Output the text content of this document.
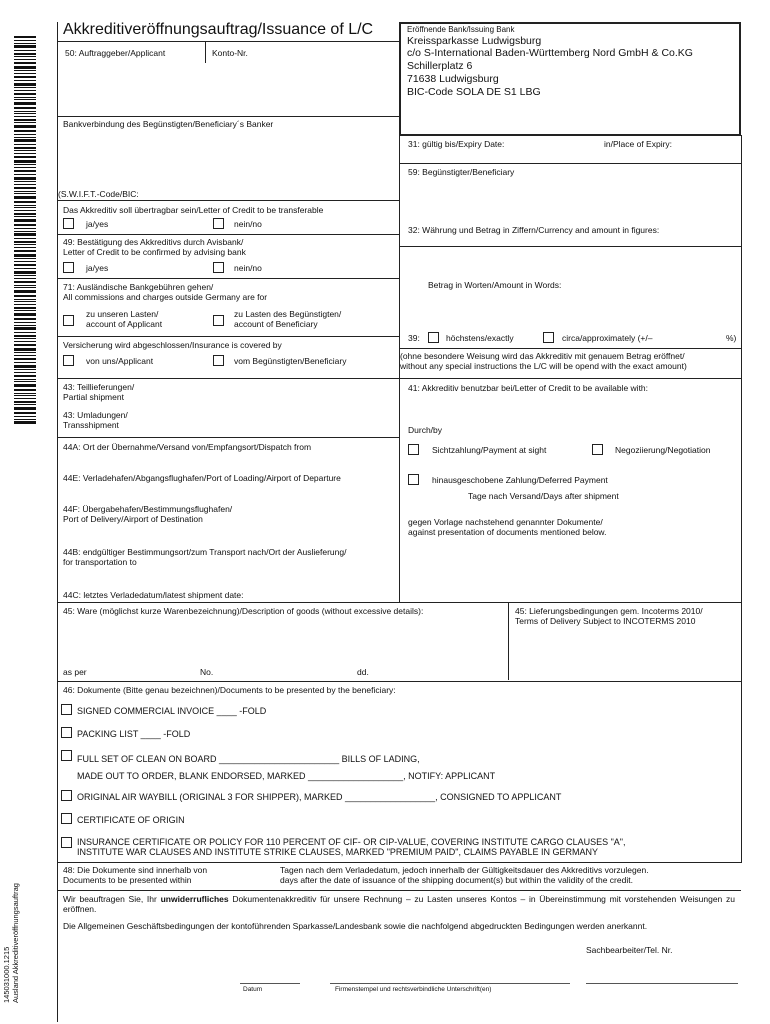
145031000.1215 Ausland Akkreditiveröffnungsauftrag
Akkreditiveröffnungsauftrag/Issuance of L/C
50: Auftraggeber/Applicant	Konto-Nr.
Eröffnende Bank/Issuing Bank
Kreissparkasse Ludwigsburg
c/o S-International Baden-Württemberg Nord GmbH & Co.KG
Schillerplatz 6
71638 Ludwigsburg
BIC-Code SOLA DE S1 LBG
Bankverbindung des Begünstigten/Beneficiary´s Banker
(S.W.I.F.T.-Code/BIC:
Das Akkreditiv soll übertragbar sein/Letter of Credit to be transferable
ja/yes	nein/no
49: Bestätigung des Akkreditivs durch Avisbank/
Letter of Credit to be confirmed by advising bank
ja/yes	nein/no
71: Ausländische Bankgebühren gehen/
All commissions and charges outside Germany are for
zu unseren Lasten/
account of Applicant
zu Lasten des Begünstigten/
account of Beneficiary
Versicherung wird abgeschlossen/Insurance is covered by
von uns/Applicant	vom Begünstigten/Beneficiary
43: Teillieferungen/
Partial shipment
43: Umladungen/
Transshipment
44A: Ort der Übernahme/Versand von/Empfangsort/Dispatch from
44E: Verladehafen/Abgangsflughafen/Port of Loading/Airport of Departure
44F: Übergabehafen/Bestimmungsflughafen/
Port of Delivery/Airport of Destination
44B: endgültiger Bestimmungsort/zum Transport nach/Ort der Auslieferung/
for transportation to
44C: letztes Verladedatum/latest shipment date:
31: gültig bis/Expiry Date:	in/Place of Expiry:
59: Begünstigter/Beneficiary
32: Währung und Betrag in Ziffern/Currency and amount in figures:
Betrag in Worten/Amount in Words:
39:	höchstens/exactly	circa/approximately (+/–	%)
(ohne besondere Weisung wird das Akkreditiv mit genauem Betrag eröffnet/
without any special instructions the L/C will be opend with the exact amount)
41: Akkreditiv benutzbar bei/Letter of Credit to be available with:
Durch/by
Sichtzahlung/Payment at sight	Negoziierung/Negotiation
hinausgeschobene Zahlung/Deferred Payment
Tage nach Versand/Days after shipment
gegen Vorlage nachstehend genannter Dokumente/
against presentation of documents mentioned below.
45: Ware (möglichst kurze Warenbezeichnung)/Description of goods (without excessive details):	45: Lieferungsbedingungen gem. Incoterms 2010/
Terms of Delivery Subject to INCOTERMS 2010
as per	No.	dd.
46: Dokumente (Bitte genau bezeichnen)/Documents to be presented by the beneficiary:
SIGNED COMMERCIAL INVOICE ____ -FOLD
PACKING LIST ____ -FOLD
FULL SET OF CLEAN ON BOARD ________________________ BILLS OF LADING,
MADE OUT TO ORDER, BLANK ENDORSED, MARKED ___________________, NOTIFY: APPLICANT
ORIGINAL AIR WAYBILL (ORIGINAL 3 FOR SHIPPER), MARKED __________________, CONSIGNED TO APPLICANT
CERTIFICATE OF ORIGIN
INSURANCE CERTIFICATE OR POLICY FOR 110 PERCENT OF CIF- OR CIP-VALUE, COVERING INSTITUTE CARGO CLAUSES "A",
INSTITUTE WAR CLAUSES AND INSTITUTE STRIKE CLAUSES, MARKED "PREMIUM PAID", CLAIMS PAYABLE IN GERMANY
48: Die Dokumente sind innerhalb von
Documents to be presented within
Tagen nach dem Verladedatum, jedoch innerhalb der Gültigkeitsdauer des Akkreditivs vorzulegen.
days after the date of issuance of the shipping document(s) but within the validity of the credit.
Wir beauftragen Sie, Ihr unwiderrufliches Dokumentenakkreditiv für unsere Rechnung – zu Lasten unseres Kontos – in Übereinstimmung mit vorstehenden Weisungen zu eröffnen.
Die Allgemeinen Geschäftsbedingungen der kontoführenden Sparkasse/Landesbank sowie die nachfolgend abgedruckten Bedingungen werden anerkannt.
Sachbearbeiter/Tel. Nr.
Datum	Firmenstempel und rechtsverbindliche Unterschrift(en)
